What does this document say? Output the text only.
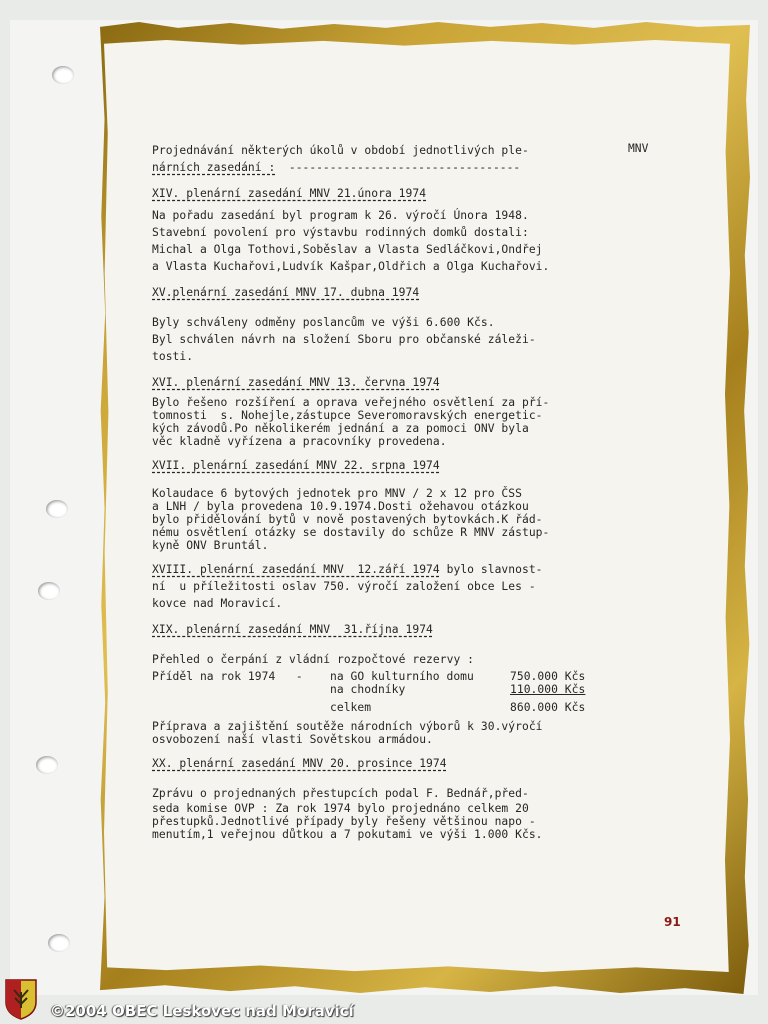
MNV

Projednávání některých úkolů v období jednotlivých ple-

nárních zasedání :  ----------------------------------

XIV. plenární zasedání MNV 21.února 1974

Na pořadu zasedání byl program k 26. výročí Února 1948.

Stavební povolení pro výstavbu rodinných domků dostali:

Michal a Olga Tothovi,Soběslav a Vlasta Sedláčkovi,Ondřej

a Vlasta Kuchařovi,Ludvík Kašpar,Oldřich a Olga Kuchařovi.

XV.plenární zasedání MNV 17. dubna 1974

Byly schváleny odměny poslancům ve výši 6.600 Kčs.

Byl schválen návrh na složení Sboru pro občanské záleži-

tosti.

XVI. plenární zasedání MNV 13. června 1974

Bylo řešeno rozšíření a oprava veřejného osvětlení za pří-

tomnosti  s. Nohejle,zástupce Severomoravských energetic-

kých závodů.Po několikerém jednání a za pomoci ONV byla

věc kladně vyřízena a pracovníky provedena.

XVII. plenární zasedání MNV 22. srpna 1974

Kolaudace 6 bytových jednotek pro MNV / 2 x 12 pro ČSS

a LNH / byla provedena 10.9.1974.Dosti ožehavou otázkou

bylo přidělování bytů v nově postavených bytovkách.K řád-

nému osvětlení otázky se dostavily do schůze R MNV zástup-

kyně ONV Bruntál.

XVIII. plenární zasedání MNV  12.září 1974 bylo slavnost-

ní  u příležitosti oslav 750. výročí založení obce Les -

kovce nad Moravicí.

XIX. plenární zasedání MNV  31.října 1974

Přehled o čerpání z vládní rozpočtové rezervy :

Příděl na rok 1974   - na GO kulturního domu	750.000 Kčs
na chodníky	110.000 Kčs
celkem	860.000 Kčs

Příprava a zajištění soutěže národních výborů k 30.výročí

osvobození naší vlasti Sovětskou armádou.

XX. plenární zasedání MNV 20. prosince 1974

Zprávu o projednaných přestupcích podal F. Bednář,před-

seda komise OVP : Za rok 1974 bylo projednáno celkem 20

přestupků.Jednotlivé případy byly řešeny většinou napo -

menutím,1 veřejnou důtkou a 7 pokutami ve výši 1.000 Kčs.

91
©2004 OBEC Leskovec nad Moravicí
